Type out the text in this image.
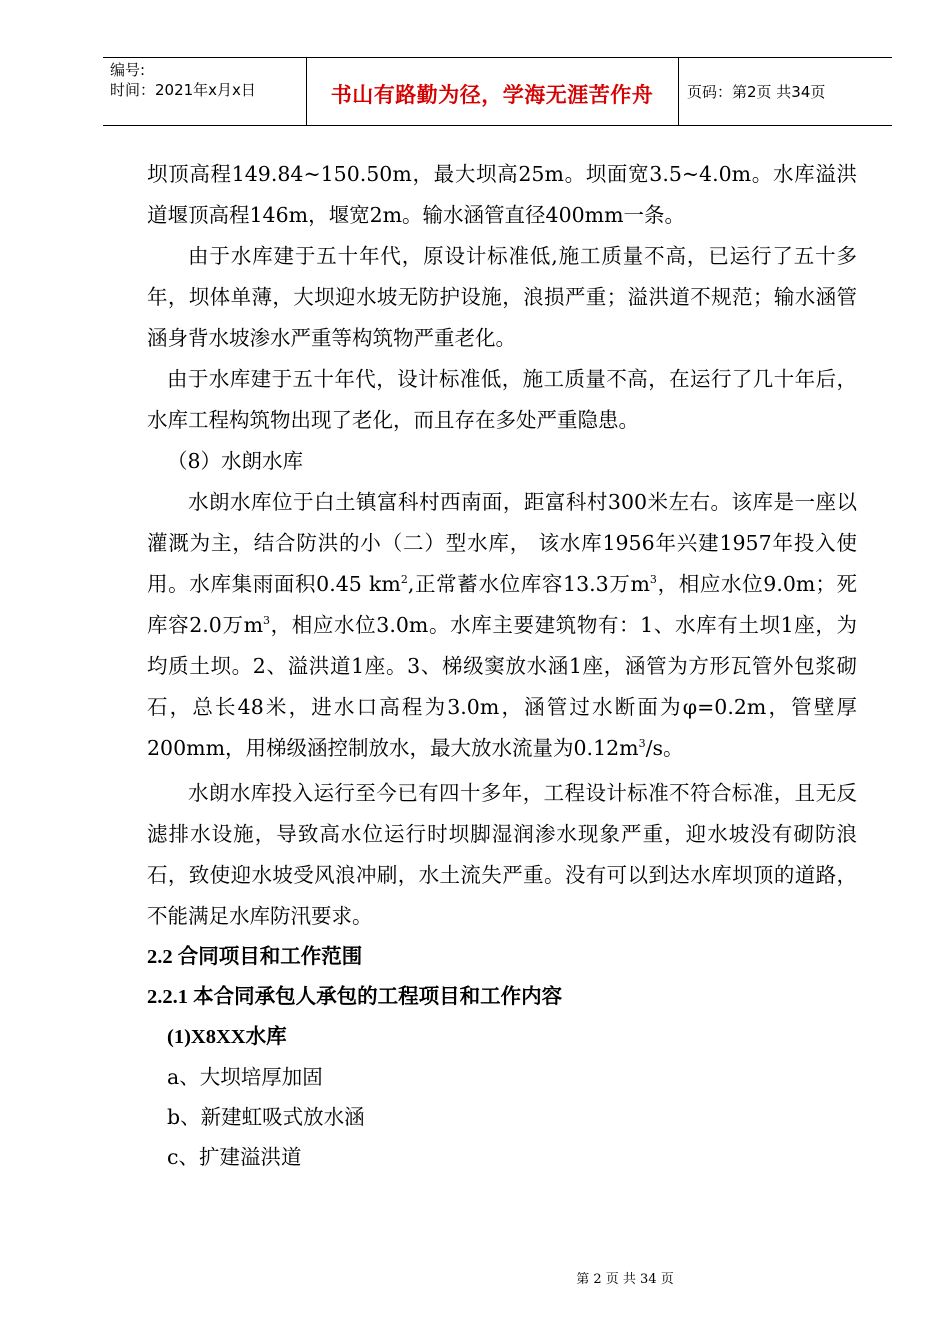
编号:
时间：2021年x月x日	书山有路勤为径，学海无涯苦作舟	页码：第2页 共34页

坝顶高程149.84~150.50m，最大坝高25m。坝面宽3.5~4.0m。水库溢洪道堰顶高程146m，堰宽2m。输水涵管直径400mm一条。

由于水库建于五十年代，原设计标准低,施工质量不高，已运行了五十多年，坝体单薄，大坝迎水坡无防护设施，浪损严重；溢洪道不规范；输水涵管涵身背水坡渗水严重等构筑物严重老化。

由于水库建于五十年代，设计标准低，施工质量不高，在运行了几十年后，水库工程构筑物出现了老化，而且存在多处严重隐患。

（8）水朗水库

水朗水库位于白土镇富科村西南面，距富科村300米左右。该库是一座以灌溉为主，结合防洪的小（二）型水库， 该水库1956年兴建1957年投入使用。水库集雨面积0.45 $km^2$,正常蓄水位库容13.3万$m^3$，相应水位9.0m；死库容2.0万$m^3$，相应水位3.0m。水库主要建筑物有：1、水库有土坝1座，为均质土坝。2、溢洪道1座。3、梯级窦放水涵1座，涵管为方形瓦管外包浆砌石，总长48米，进水口高程为3.0m，涵管过水断面为φ=0.2m，管壁厚200mm，用梯级涵控制放水，最大放水流量为$0.12m^3/s$。

水朗水库投入运行至今已有四十多年，工程设计标准不符合标准，且无反滤排水设施，导致高水位运行时坝脚湿润渗水现象严重，迎水坡没有砌防浪石，致使迎水坡受风浪冲刷，水土流失严重。没有可以到达水库坝顶的道路，不能满足水库防汛要求。

2.2 合同项目和工作范围

2.2.1 本合同承包人承包的工程项目和工作内容

(1)X8XX水库

a、大坝培厚加固

b、新建虹吸式放水涵

c、扩建溢洪道

第 2 页 共 34 页
